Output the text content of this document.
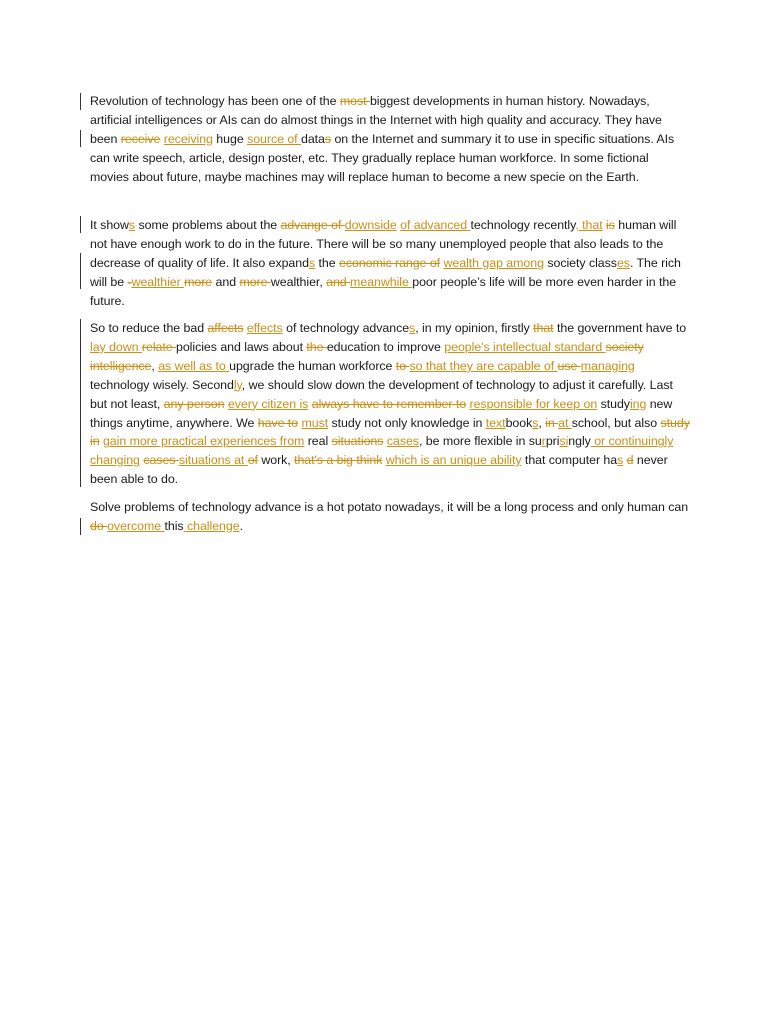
Revolution of technology has been one of the most biggest developments in human history. Nowadays, artificial intelligences or AIs can do almost things in the Internet with high quality and accuracy. They have been receive receiving huge source of datas on the Internet and summary it to use in specific situations. AIs can write speech, article, design poster, etc. They gradually replace human workforce. In some fictional movies about future, maybe machines may will replace human to become a new specie on the Earth.

It shows some problems about the advange of downside of advanced technology recently, that is human will not have enough work to do in the future. There will be so many unemployed people that also leads to the decrease of quality of life. It also expands the economic range of wealth gap among society classes. The rich will be -wealthier more and more wealthier, and meanwhile poor people’s life will be more even harder in the future.

So to reduce the bad affects effects of technology advances, in my opinion, firstly that the government have to lay down relate policies and laws about the education to improve people's intellectual standard society intelligence, as well as to upgrade the human workforce to so that they are capable of use managing technology wisely. Secondly, we should slow down the development of technology to adjust it carefully. Last but not least, any person every citizen is always have to remember to responsible for keep on studying new things anytime, anywhere. We have to must study not only knowledge in textbooks, in at school, but also study in gain more practical experiences from real situations cases, be more flexible in surprisingly or continuingly changing cases situations at of work, that's a big think which is an unique ability that computer has d never been able to do.

Solve problems of technology advance is a hot potato nowadays, it will be a long process and only human can do overcome this challenge.
